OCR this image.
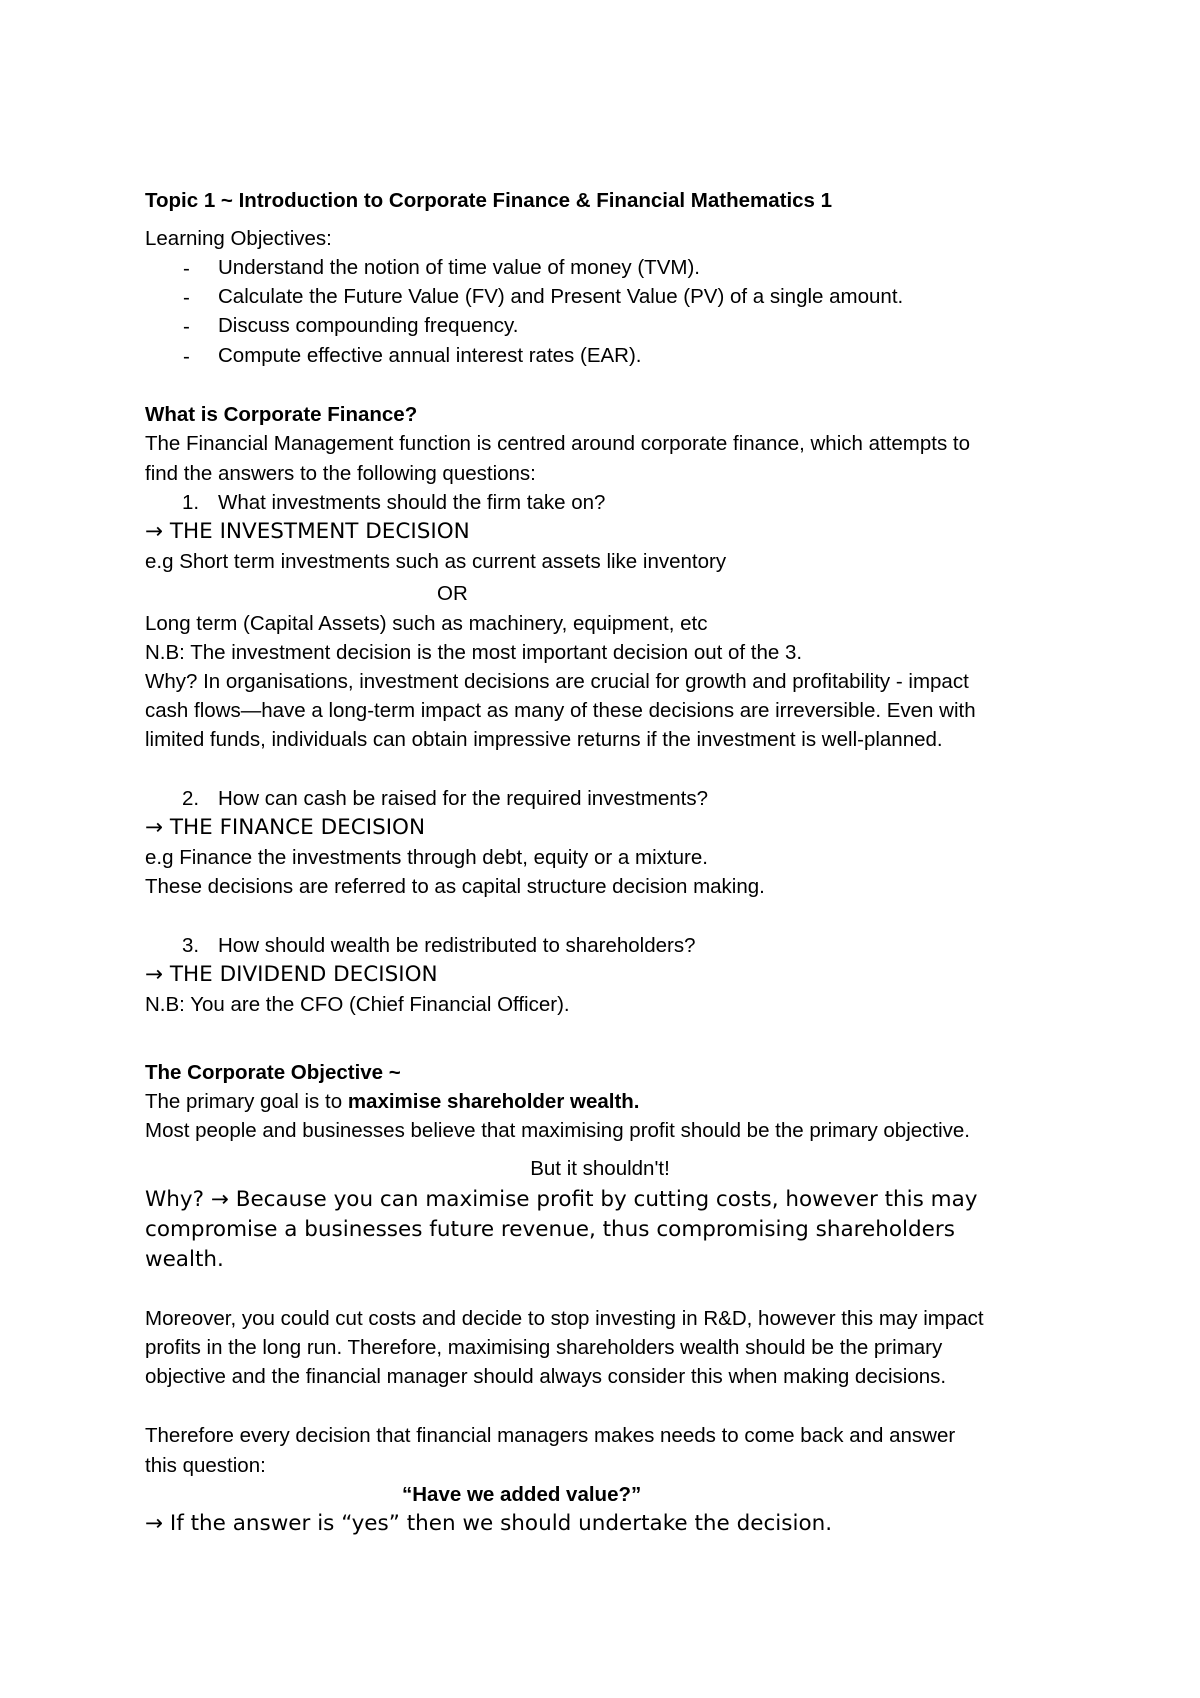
Topic 1 ~ Introduction to Corporate Finance & Financial Mathematics 1
Learning Objectives:
- Understand the notion of time value of money (TVM).
- Calculate the Future Value (FV) and Present Value (PV) of a single amount.
- Discuss compounding frequency.
- Compute effective annual interest rates (EAR).
What is Corporate Finance?
The Financial Management function is centred around corporate finance, which attempts to
find the answers to the following questions:
1. What investments should the firm take on?
→ THE INVESTMENT DECISION
e.g Short term investments such as current assets like inventory
OR
Long term (Capital Assets) such as machinery, equipment, etc
N.B: The investment decision is the most important decision out of the 3.
Why? In organisations, investment decisions are crucial for growth and profitability - impact
cash flows—have a long-term impact as many of these decisions are irreversible. Even with
limited funds, individuals can obtain impressive returns if the investment is well-planned.
2. How can cash be raised for the required investments?
→ THE FINANCE DECISION
e.g Finance the investments through debt, equity or a mixture.
These decisions are referred to as capital structure decision making.
3. How should wealth be redistributed to shareholders?
→ THE DIVIDEND DECISION
N.B: You are the CFO (Chief Financial Officer).
The Corporate Objective ~
The primary goal is to maximise shareholder wealth.
Most people and businesses believe that maximising profit should be the primary objective.
But it shouldn't!
Why? → Because you can maximise profit by cutting costs, however this may
compromise a businesses future revenue, thus compromising shareholders
wealth.
Moreover, you could cut costs and decide to stop investing in R&D, however this may impact
profits in the long run. Therefore, maximising shareholders wealth should be the primary
objective and the financial manager should always consider this when making decisions.
Therefore every decision that financial managers makes needs to come back and answer
this question:
“Have we added value?”
→ If the answer is “yes” then we should undertake the decision.
